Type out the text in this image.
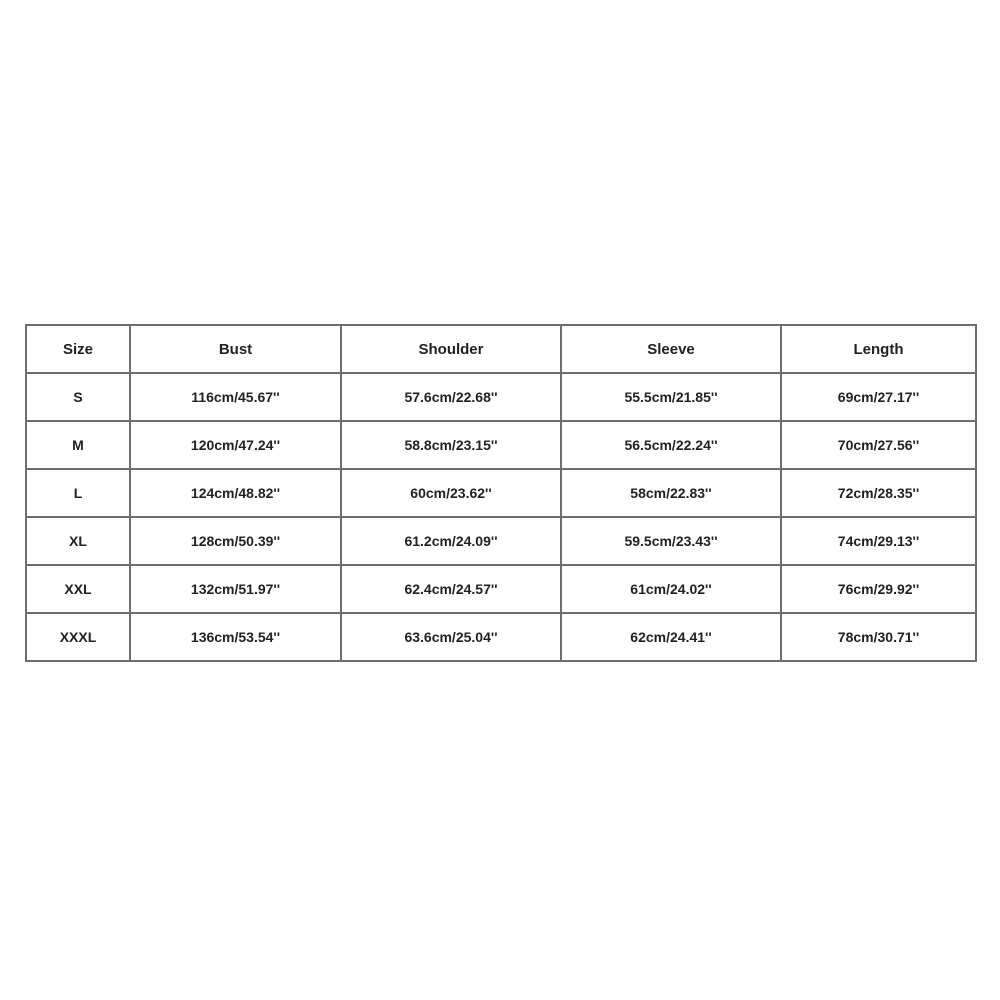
Size	Bust	Shoulder	Sleeve	Length
S	116cm/45.67''	57.6cm/22.68''	55.5cm/21.85''	69cm/27.17''
M	120cm/47.24''	58.8cm/23.15''	56.5cm/22.24''	70cm/27.56''
L	124cm/48.82''	60cm/23.62''	58cm/22.83''	72cm/28.35''
XL	128cm/50.39''	61.2cm/24.09''	59.5cm/23.43''	74cm/29.13''
XXL	132cm/51.97''	62.4cm/24.57''	61cm/24.02''	76cm/29.92''
XXXL	136cm/53.54''	63.6cm/25.04''	62cm/24.41''	78cm/30.71''
